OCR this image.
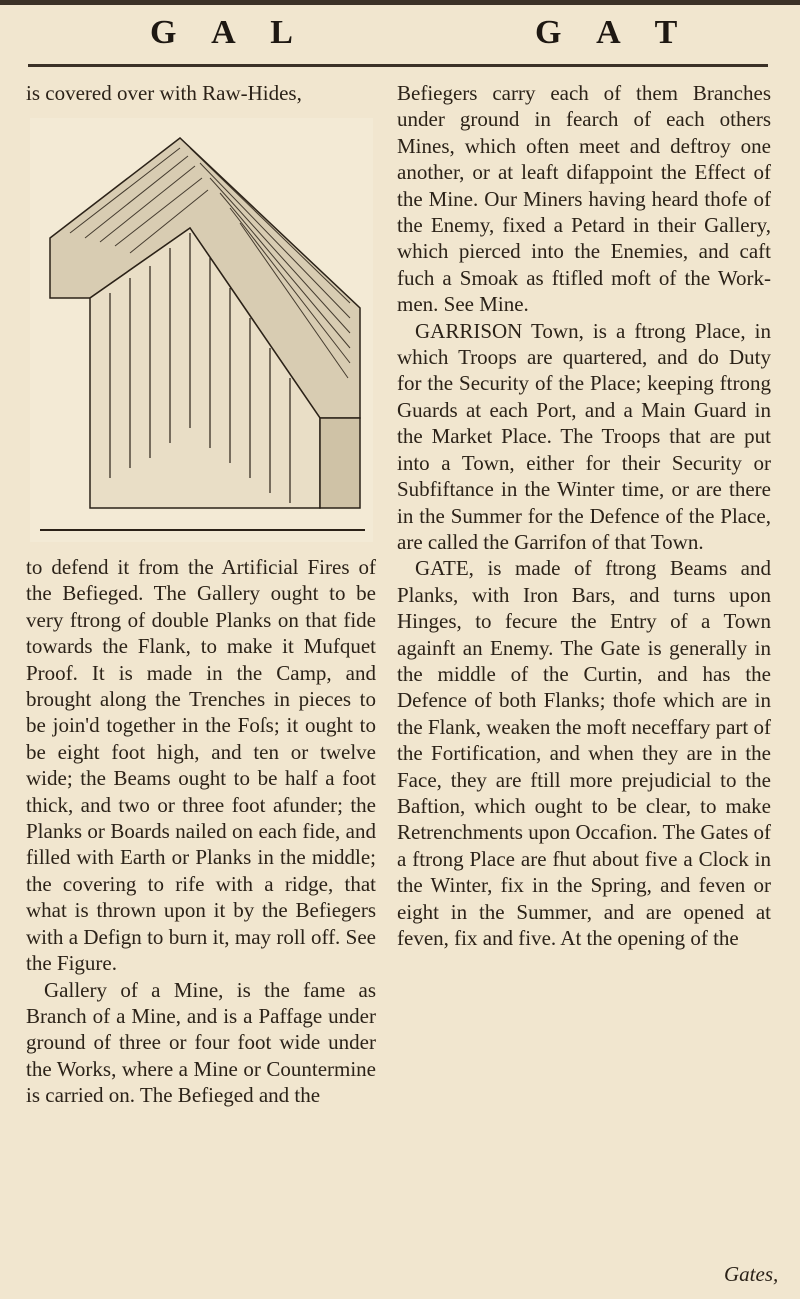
G A L	G A T

is covered over with Raw-Hides,

to defend it from the Artificial Fires of the Befieged. The Gallery ought to be very ftrong of double Planks on that fide towards the Flank, to make it Mufquet Proof. It is made in the Camp, and brought along the Trenches in pieces to be join'd together in the Foſs; it ought to be eight foot high, and ten or twelve wide; the Beams ought to be half a foot thick, and two or three foot afunder; the Planks or Boards nailed on each fide, and filled with Earth or Planks in the middle; the covering to rife with a ridge, that what is thrown upon it by the Befiegers with a Defign to burn it, may roll off. See the Figure.

Gallery of a Mine, is the fame as Branch of a Mine, and is a Paffage under ground of three or four foot wide under the Works, where a Mine or Countermine is carried on. The Befieged and the

Befiegers carry each of them Branches under ground in fearch of each others Mines, which often meet and deftroy one another, or at leaft difappoint the Effect of the Mine. Our Miners having heard thofe of the Enemy, fixed a Petard in their Gallery, which pierced into the Enemies, and caft fuch a Smoak as ftifled moft of the Work-men. See Mine.

GARRISON Town, is a ftrong Place, in which Troops are quartered, and do Duty for the Security of the Place; keeping ftrong Guards at each Port, and a Main Guard in the Market Place. The Troops that are put into a Town, either for their Security or Subfiftance in the Winter time, or are there in the Summer for the Defence of the Place, are called the Garrifon of that Town.

GATE, is made of ftrong Beams and Planks, with Iron Bars, and turns upon Hinges, to fecure the Entry of a Town againft an Enemy. The Gate is generally in the middle of the Curtin, and has the Defence of both Flanks; thofe which are in the Flank, weaken the moft neceffary part of the Fortification, and when they are in the Face, they are ftill more prejudicial to the Baftion, which ought to be clear, to make Retrenchments upon Occafion. The Gates of a ftrong Place are fhut about five a Clock in the Winter, fix in the Spring, and feven or eight in the Summer, and are opened at feven, fix and five. At the opening of the

Gates,
